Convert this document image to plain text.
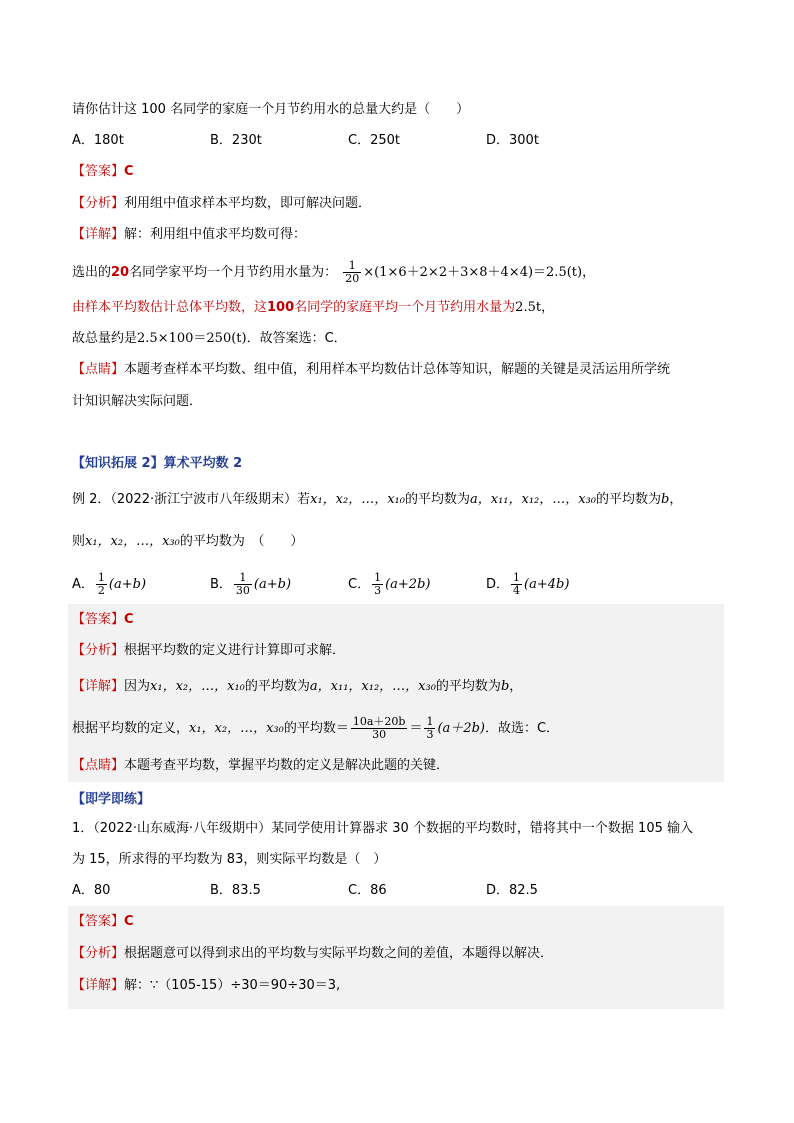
请你估计这 100 名同学的家庭一个月节约用水的总量大约是（　　）
A．180t	B．230t	C．250t	D．300t
【答案】C
【分析】利用组中值求样本平均数，即可解决问题．
【详解】解：利用组中值求平均数可得：
选出的20名同学家平均一个月节约用水量为： $\frac{1}{20} \times(1\times 6+2\times 2+3\times 8+4\times 4)=2.5(t)$，
由样本平均数估计总体平均数，这100名同学的家庭平均一个月节约用水量为2.5t，
故总量约是2.5×100＝250(t)．故答案选：C．
【点睛】本题考查样本平均数、组中值，利用样本平均数估计总体等知识，解题的关键是灵活运用所学统
计知识解决实际问题．
【知识拓展 2】算术平均数 2
例 2．（2022·浙江宁波市八年级期末）若x₁，x₂，…，x₁₀的平均数为a，x₁₁，x₁₂，…，x₃₀的平均数为b，
则x₁，x₂，…，x₃₀的平均数为　（　　）
A． $\frac{1}{2} (a+b)$	B． $\frac{1}{30} (a+b)$	C． $\frac{1}{3} (a+2b)$	D． $\frac{1}{4} (a+4b)$
【答案】C
【分析】根据平均数的定义进行计算即可求解．
【详解】因为x₁，x₂，…，x₁₀的平均数为a，x₁₁，x₁₂，…，x₃₀的平均数为b，
根据平均数的定义，x₁，x₂，…，x₃₀的平均数＝ $\frac{10a+20b}{30} = \frac{1}{3} (a+2b)$．故选：C．
【点睛】本题考查平均数，掌握平均数的定义是解决此题的关键．
【即学即练】
1．（2022·山东威海·八年级期中）某同学使用计算器求 30 个数据的平均数时，错将其中一个数据 105 输入
为 15，所求得的平均数为 83，则实际平均数是（　）
A．80	B．83.5	C．86	D．82.5
【答案】C
【分析】根据题意可以得到求出的平均数与实际平均数之间的差值，本题得以解决．
【详解】解：∵（105-15）÷30＝90÷30＝3,
